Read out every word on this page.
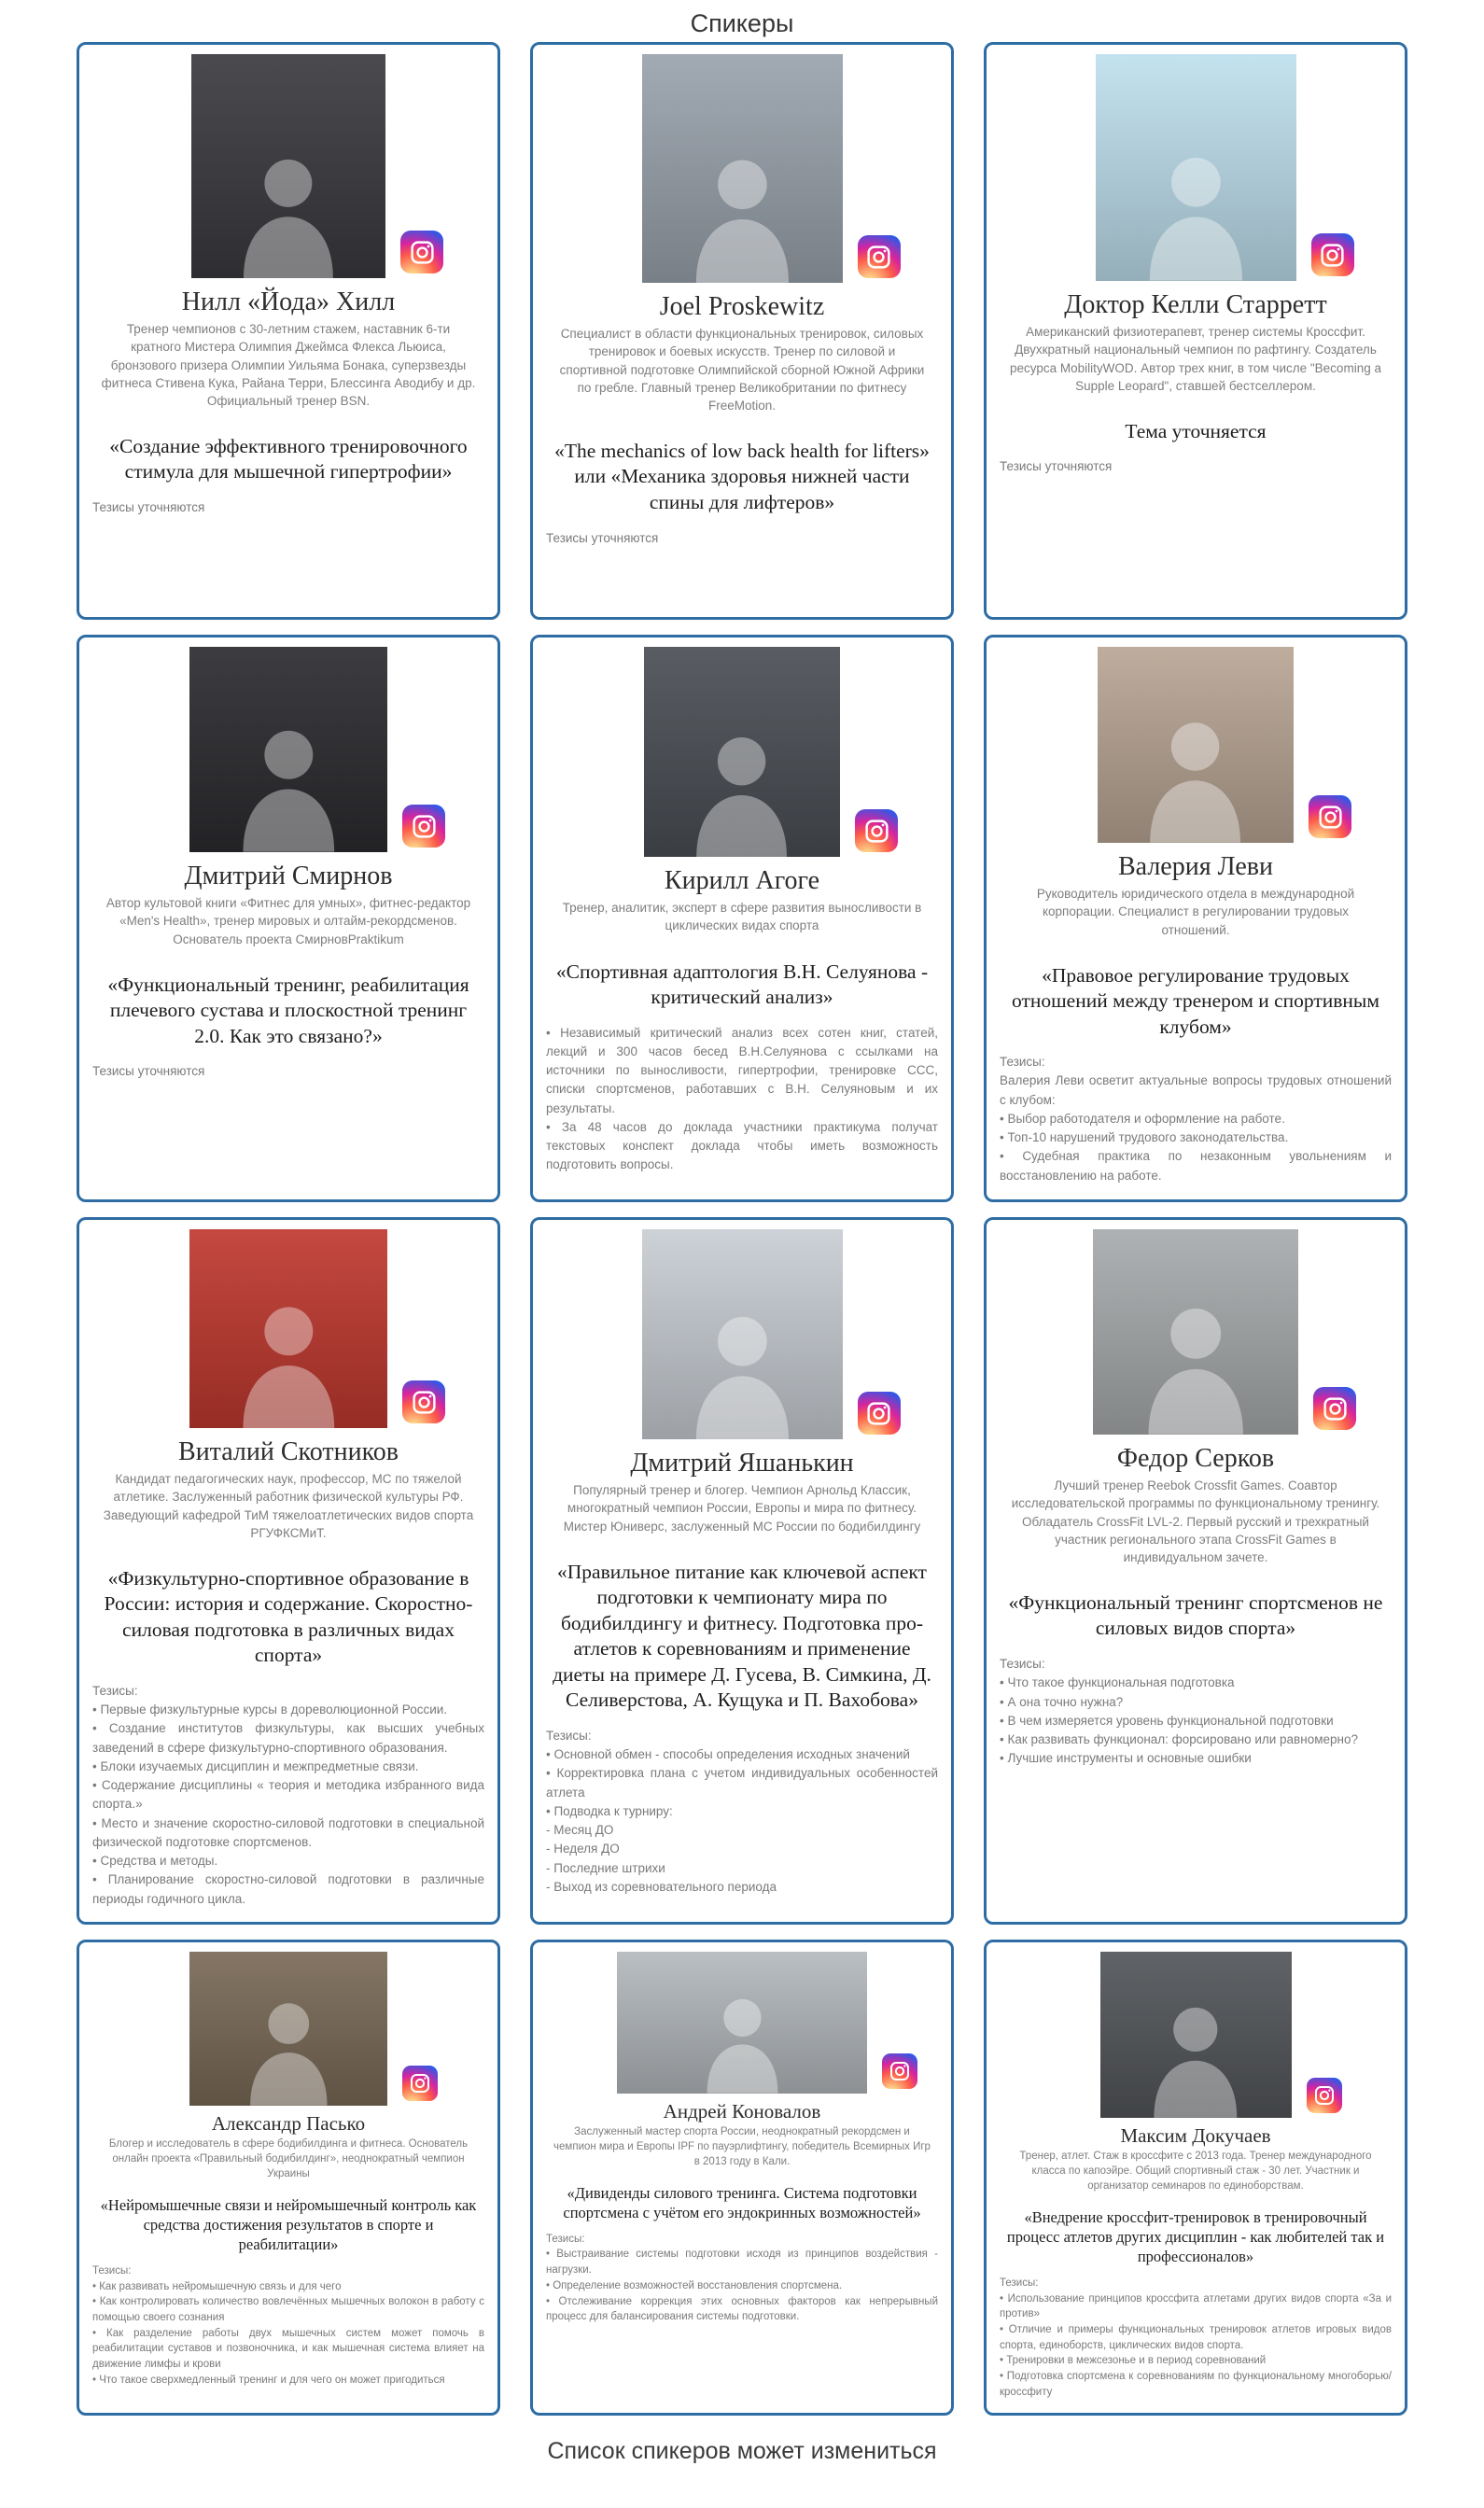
Спикеры
Нилл «Йода» Хилл

Тренер чемпионов с 30-летним стажем, наставник 6-ти кратного Мистера Олимпия Джеймса Флекса Льюиса, бронзового призера Олимпии Уильяма Бонака, суперзвезды фитнеса Стивена Кука, Райана Терри, Блессинга Аводибу и др. Официальный тренер BSN.

«Создание эффективного тренировочного стимула для мышечной гипертрофии»
Тезисы уточняются
Joel Proskewitz

Специалист в области функциональных тренировок, силовых тренировок и боевых искусств. Тренер по силовой и спортивной подготовке Олимпийской сборной Южной Африки по гребле. Главный тренер Великобритании по фитнесу FreeMotion.

«The mechanics of low back health for lifters» или «Механика здоровья нижней части спины для лифтеров»
Тезисы уточняются
Доктор Келли Старретт

Американский физиотерапевт, тренер системы Кроссфит. Двухкратный национальный чемпион по рафтингу. Создатель ресурса MobilityWOD. Автор трех книг, в том числе "Becoming a Supple Leopard", ставшей бестселлером.

Тема уточняется
Тезисы уточняются
Дмитрий Смирнов

Автор культовой книги «Фитнес для умных», фитнес-редактор «Men's Health», тренер мировых и олтайм-рекордсменов. Основатель проекта СмирновPraktikum

«Функциональный тренинг, реабилитация плечевого сустава и плоскостной тренинг 2.0. Как это связано?»
Тезисы уточняются
Кирилл Агоге

Тренер, аналитик, эксперт в сфере развития выносливости в циклических видах спорта

«Спортивная адаптология В.Н. Селуянова - критический анализ»
• Независимый критический анализ всех сотен книг, статей, лекций и 300 часов бесед В.Н.Селуянова с ссылками на источники по выносливости, гипертрофии, тренировке ССС, списки спортсменов, работавших с В.Н. Селуяновым и их результаты.
• За 48 часов до доклада участники практикума получат текстовых конспект доклада чтобы иметь возможность подготовить вопросы.
Валерия Леви

Руководитель юридического отдела в международной корпорации. Специалист в регулировании трудовых отношений.

«Правовое регулирование трудовых отношений между тренером и спортивным клубом»
Тезисы:
Валерия Леви осветит актуальные вопросы трудовых отношений с клубом:
• Выбор работодателя и оформление на работе.
• Топ-10 нарушений трудового законодательства.
• Судебная практика по незаконным увольнениям и восстановлению на работе.
Виталий Скотников

Кандидат педагогических наук, профессор, МС по тяжелой атлетике. Заслуженный работник физической культуры РФ. Заведующий кафедрой ТиМ тяжелоатлетических видов спорта РГУФКСМиТ.

«Физкультурно-спортивное образование в России: история и содержание. Скоростно-силовая подготовка в различных видах спорта»
Тезисы:
• Первые физкультурные курсы в дореволюционной России.
• Создание институтов физкультуры, как высших учебных заведений в сфере физкультурно-спортивного образования.
• Блоки изучаемых дисциплин и межпредметные связи.
• Содержание дисциплины « теория и методика избранного вида спорта.»
• Место и значение скоростно-силовой подготовки в специальной физической подготовке спортсменов.
• Средства и методы.
• Планирование скоростно-силовой подготовки в различные периоды годичного цикла.
Дмитрий Яшанькин

Популярный тренер и блогер. Чемпион Арнольд Классик, многократный чемпион России, Европы и мира по фитнесу. Мистер Юниверс, заслуженный МС России по бодибилдингу

«Правильное питание как ключевой аспект подготовки к чемпионату мира по бодибилдингу и фитнесу. Подготовка про-атлетов к соревнованиям и применение диеты на примере Д. Гусева, В. Симкина, Д. Селиверстова, А. Кущука и П. Вахобова»
Тезисы:
• Основной обмен - способы определения исходных значений
• Корректировка плана с учетом индивидуальных особенностей атлета
• Подводка к турниру:
- Месяц ДО
- Неделя ДО
- Последние штрихи
- Выход из соревновательного периода
Федор Серков

Лучший тренер Reebok Crossfit Games. Соавтор исследовательской программы по функциональному тренингу. Обладатель CrossFit LVL-2. Первый русский и трехкратный участник регионального этапа CrossFit Games в индивидуальном зачете.

«Функциональный тренинг спортсменов не силовых видов спорта»
Тезисы:
• Что такое функциональная подготовка
• А она точно нужна?
• В чем измеряется уровень функциональной подготовки
• Как развивать функционал: форсировано или равномерно?
• Лучшие инструменты и основные ошибки
Александр Пасько

Блогер и исследователь в сфере бодибилдинга и фитнеса. Основатель онлайн проекта «Правильный бодибилдинг», неоднократный чемпион Украины

«Нейромышечные связи и нейромышечный контроль как средства достижения результатов в спорте и реабилитации»
Тезисы:
• Как развивать нейромышечную связь и для чего
• Как контролировать количество вовлечённых мышечных волокон в работу с помощью своего сознания
• Как разделение работы двух мышечных систем может помочь в реабилитации суставов и позвоночника, и как мышечная система влияет на движение лимфы и крови
• Что такое сверхмедленный тренинг и для чего он может пригодиться
Андрей Коновалов

Заслуженный мастер спорта России, неоднократный рекордсмен и чемпион мира и Европы IPF по пауэрлифтингу, победитель Всемирных Игр в 2013 году в Кали.

«Дивиденды силового тренинга. Система подготовки спортсмена с учётом его эндокринных возможностей»
Тезисы:
• Выстраивание системы подготовки исходя из принципов воздействия - нагрузки.
• Определение возможностей восстановления спортсмена.
• Отслеживание коррекция этих основных факторов как непрерывный процесс для балансирования системы подготовки.
Максим Докучаев

Тренер, атлет. Стаж в кроссфите с 2013 года. Тренер международного класса по капоэйре. Общий спортивный стаж - 30 лет. Участник и организатор семинаров по единоборствам.

«Внедрение кроссфит-тренировок в тренировочный процесс атлетов других дисциплин - как любителей так и профессионалов»
Тезисы:
• Использование принципов кроссфита атлетами других видов спорта «За и против»
• Отличие и примеры функциональных тренировок атлетов игровых видов спорта, единоборств, циклических видов спорта.
• Тренировки в межсезонье и в период соревнований
• Подготовка спортсмена к соревнованиям по функциональному многоборью/кроссфиту
Список спикеров может измениться
